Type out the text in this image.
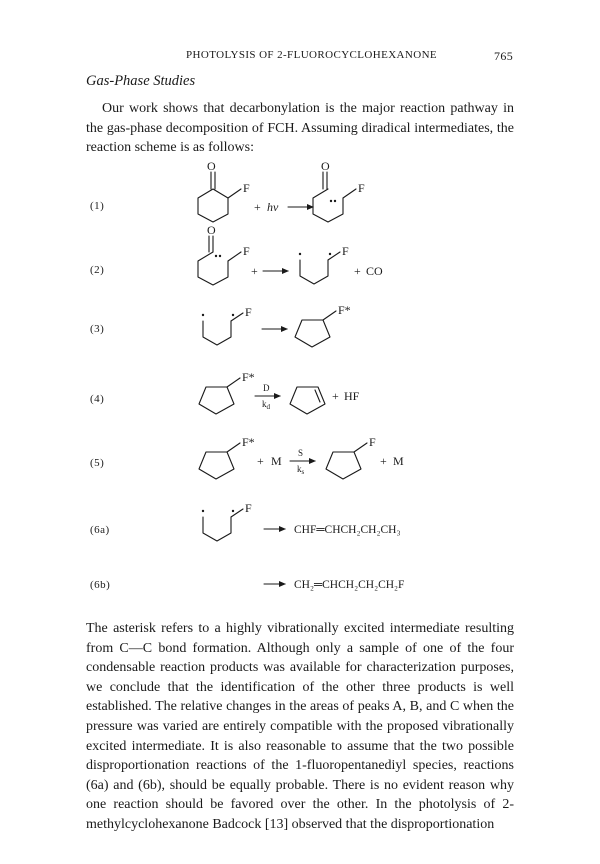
PHOTOLYSIS OF 2-FLUOROCYCLOHEXANONE	765
Gas-Phase Studies

Our work shows that decarbonylation is the major reaction pathway in the gas-phase decomposition of FCH. Assuming diradical intermediates, the reaction scheme is as follows:

(1)
(2)
(3)
(4)
(5)
(6a)
(6b)
O
F
+ hν
O
F
O
F
+
F
+ CO
F	F*
F*
D
$k_d$
+ HF
F*
+ M
S
$k_s$
F
+ M
F
CHF═CHCH₂CH₂CH₃
CH₂═CHCH₂CH₂CH₂F

The asterisk refers to a highly vibrationally excited intermediate resulting from C—C bond formation. Although only a sample of one of the four condensable reaction products was available for characterization purposes, we conclude that the identification of the other three products is well established. The relative changes in the areas of peaks A, B, and C when the pressure was varied are entirely compatible with the proposed vibrationally excited intermediate. It is also reasonable to assume that the two possible disproportionation reactions of the 1-fluoropentanediyl species, reactions (6a) and (6b), should be equally probable. There is no evident reason why one reaction should be favored over the other. In the photolysis of 2-methylcyclohexanone Badcock [13] observed that the disproportionation
